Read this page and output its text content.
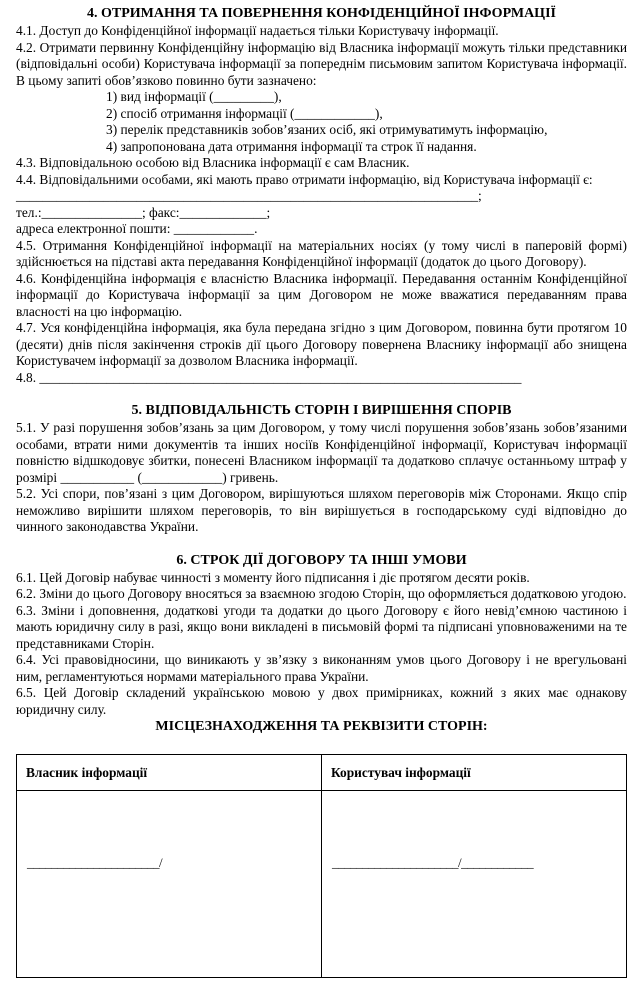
4. ОТРИМАННЯ ТА ПОВЕРНЕННЯ КОНФІДЕНЦІЙНОЇ ІНФОРМАЦІЇ

4.1. Доступ до Конфіденційної інформації надається тільки Користувачу інформації.

4.2. Отримати первинну Конфіденційну інформацію від Власника інформації можуть тільки представники (відповідальні особи) Користувача інформації за попереднім письмовим запитом Користувача інформації. В цьому запиті обов’язково повинно бути зазначено:

1) вид інформації (_________),

2) спосіб отримання інформації (____________),

3) перелік представників зобов’язаних осіб, які отримуватимуть інформацію,

4) запропонована дата отримання інформації та строк її надання.

4.3. Відповідальною особою від Власника інформації є сам Власник.

4.4. Відповідальними особами, які мають право отримати інформацію, від Користувача інформації є:

_____________________________________________________________________;

тел.:_______________; факс:_____________;

адреса електронної пошти: ____________.

4.5. Отримання Конфіденційної інформації на матеріальних носіях (у тому числі в паперовій формі) здійснюється на підставі акта передавання Конфіденційної інформації (додаток до цього Договору).

4.6. Конфіденційна інформація є власністю Власника інформації. Передавання останнім Конфіденційної інформації до Користувача інформації за цим Договором не може вважатися передаванням права власності на цю інформацію.

4.7. Уся конфіденційна інформація, яка була передана згідно з цим Договором, повинна бути протягом 10 (десяти) днів після закінчення строків дії цього Договору повернена Власнику інформації або знищена Користувачем інформації за дозволом Власника інформації.

4.8. ________________________________________________________________________

5. ВІДПОВІДАЛЬНІСТЬ СТОРІН І ВИРІШЕННЯ СПОРІВ

5.1. У разі порушення зобов’язань за цим Договором, у тому числі порушення зобов’язань зобов’язаними особами, втрати ними документів та інших носіїв Конфіденційної інформації, Користувач інформації повністю відшкодовує збитки, понесені Власником інформації та додатково сплачує останньому штраф у розмірі ___________ (____________) гривень.

5.2. Усі спори, пов’язані з цим Договором, вирішуються шляхом переговорів між Сторонами. Якщо спір неможливо вирішити шляхом переговорів, то він вирішується в господарському суді відповідно до чинного законодавства України.

6. СТРОК ДІЇ ДОГОВОРУ ТА ІНШІ УМОВИ

6.1. Цей Договір набуває чинності з моменту його підписання і діє протягом десяти років.

6.2. Зміни до цього Договору вносяться за взаємною згодою Сторін, що оформляється додатковою угодою.

6.3. Зміни і доповнення, додаткові угоди та додатки до цього Договору є його невід’ємною частиною і мають юридичну силу в разі, якщо вони викладені в письмовій формі та підписані уповноваженими на те представниками Сторін.

6.4. Усі правовідносини, що виникають у зв’язку з виконанням умов цього Договору і не врегульовані ним, регламентуються нормами матеріального права України.

6.5. Цей Договір складений українською мовою у двох примірниках, кожний з яких має однакову юридичну силу.

МІСЦЕЗНАХОДЖЕННЯ ТА РЕКВІЗИТИ СТОРІН:

Власник інформації	Користувач інформації

______________________/	_____________________/____________
